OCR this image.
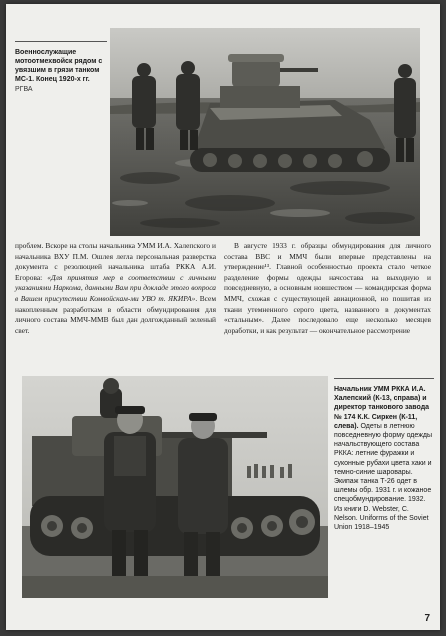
Военнослужащие мотоотмехвойск рядом с увязшим в грязи танком МС-1. Конец 1920-х гг.
РГВА

проблем. Вскоре на столы начальника УММ И.А. Халепского и начальника ВХУ П.М. Ошлея легла персональная разверстка документа с резолюцией начальника штаба РККА А.И. Егорова: «Для принятия мер в соответствии с личными указаниями Наркома, данными Вам при докладе этого вопроса в Вашем присутствии Комвойскам-ми УВО т. ЯКИРА». Всем накопленным разработкам в области обмундирования для личного состава ММЧ-ММВ был дан долгожданный зеленый свет.

В августе 1933 г. образцы обмундирования для личного состава ВВС и ММЧ были впервые представлены на утверждение¹³. Главной особенностью проекта стало четкое разделение формы одежды начсостава на выходную и повседневную, а основным новшеством — командирская форма ММЧ, схожая с существующей авиационной, но пошитая из ткани утемненного серого цвета, названного в документах «стальным». Далее последовало еще несколько месяцев доработки, и как результат — окончательное рассмотрение

Начальник УММ РККА И.А. Халепский (К-13, справа) и директор танкового завода № 174 К.К. Сиркен (К-11, слева). Одеты в летнюю повседневную форму одежды начальствующего состава РККА: летние фуражки и суконные рубахи цвета хаки и темно-синие шаровары. Экипаж танка Т-26 одет в шлемы обр. 1931 г. и кожаное спецобмундирование. 1932. Из книги D. Webster, C. Nelson. Uniforms of the Soviet Union 1918–1945
7
